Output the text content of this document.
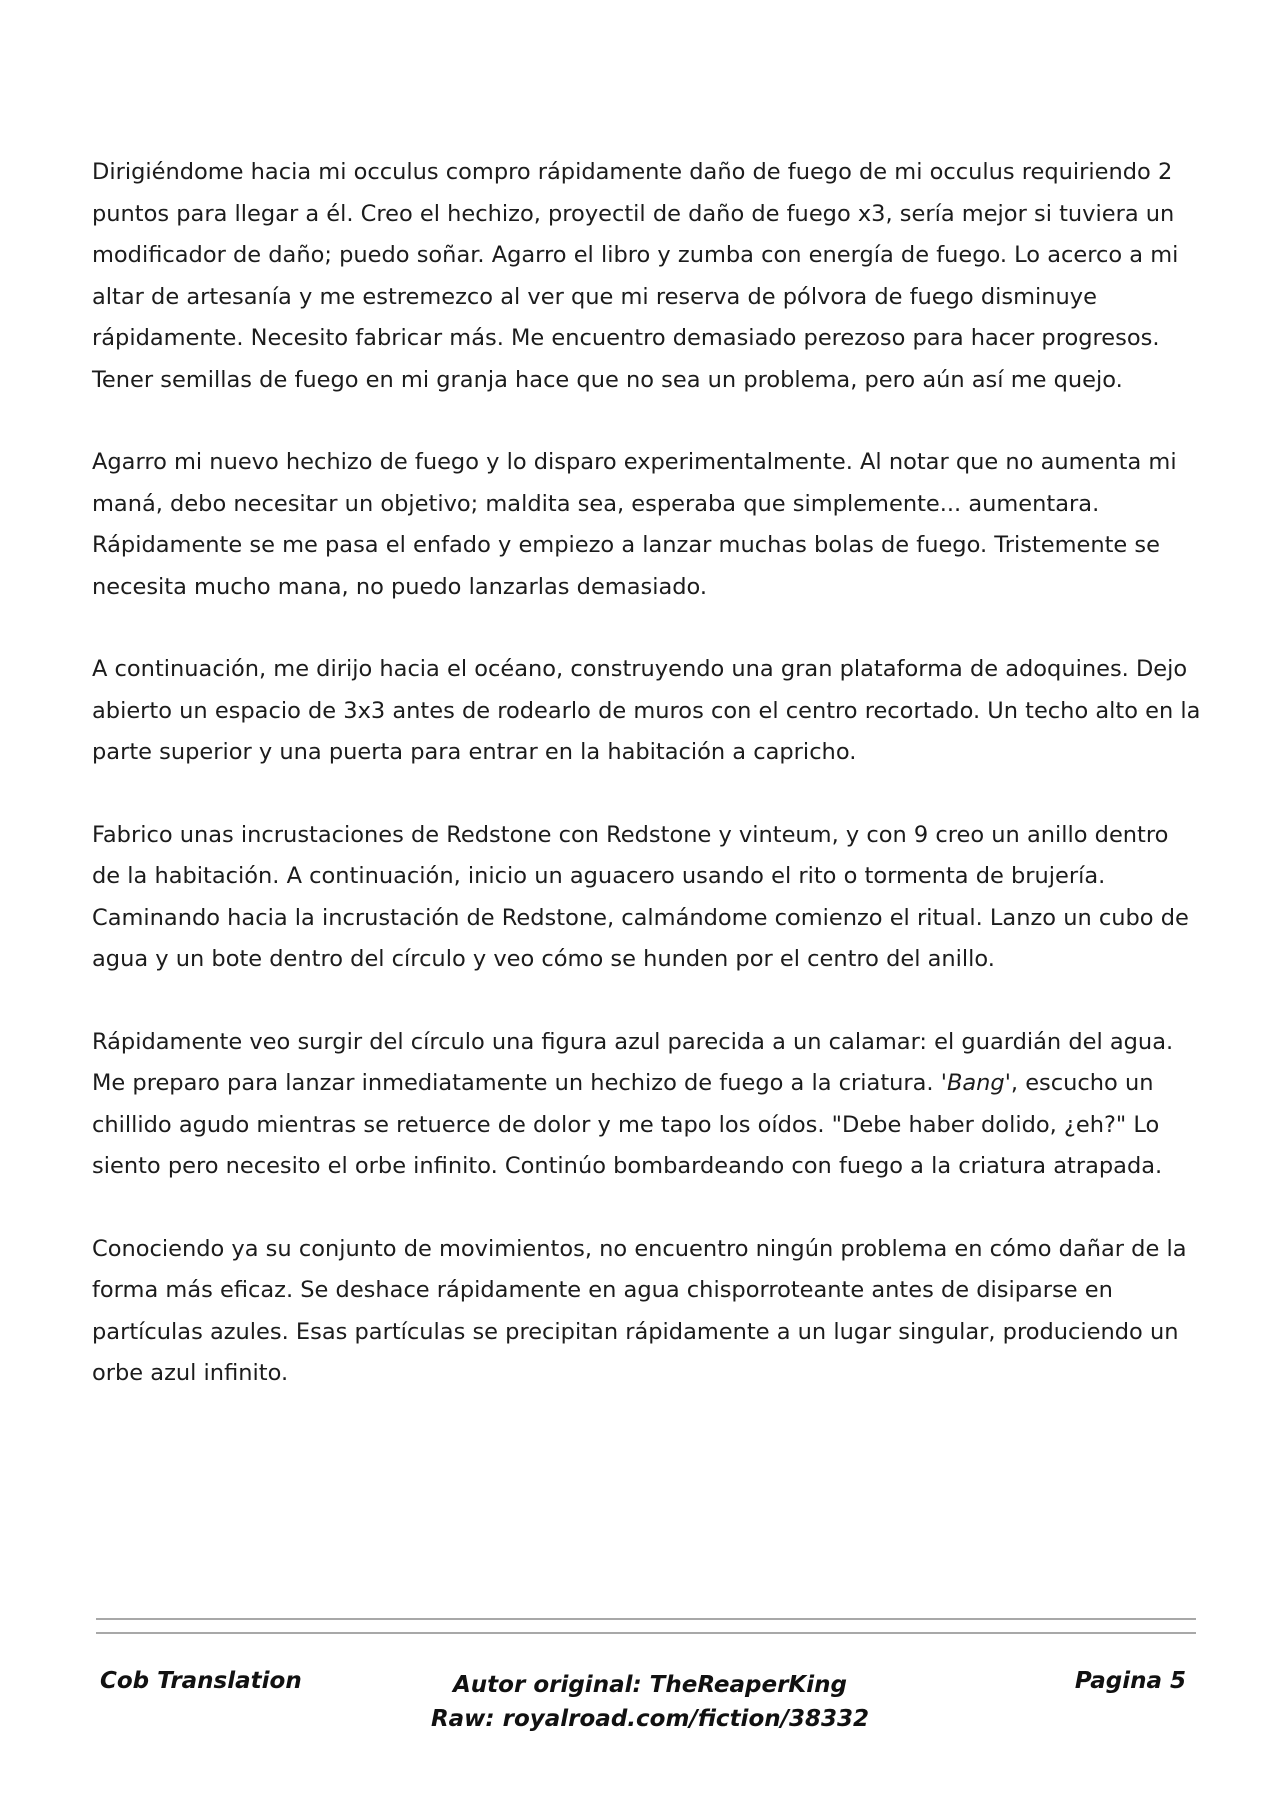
Dirigiéndome hacia mi occulus compro rápidamente daño de fuego de mi occulus requiriendo 2 puntos para llegar a él. Creo el hechizo, proyectil de daño de fuego x3, sería mejor si tuviera un modificador de daño; puedo soñar. Agarro el libro y zumba con energía de fuego. Lo acerco a mi altar de artesanía y me estremezco al ver que mi reserva de pólvora de fuego disminuye rápidamente. Necesito fabricar más. Me encuentro demasiado perezoso para hacer progresos. Tener semillas de fuego en mi granja hace que no sea un problema, pero aún así me quejo.

Agarro mi nuevo hechizo de fuego y lo disparo experimentalmente. Al notar que no aumenta mi maná, debo necesitar un objetivo; maldita sea, esperaba que simplemente... aumentara. Rápidamente se me pasa el enfado y empiezo a lanzar muchas bolas de fuego. Tristemente se necesita mucho mana, no puedo lanzarlas demasiado.

A continuación, me dirijo hacia el océano, construyendo una gran plataforma de adoquines. Dejo abierto un espacio de 3x3 antes de rodearlo de muros con el centro recortado. Un techo alto en la parte superior y una puerta para entrar en la habitación a capricho.

Fabrico unas incrustaciones de Redstone con Redstone y vinteum, y con 9 creo un anillo dentro de la habitación. A continuación, inicio un aguacero usando el rito o tormenta de brujería. Caminando hacia la incrustación de Redstone, calmándome comienzo el ritual. Lanzo un cubo de agua y un bote dentro del círculo y veo cómo se hunden por el centro del anillo.

Rápidamente veo surgir del círculo una figura azul parecida a un calamar: el guardián del agua. Me preparo para lanzar inmediatamente un hechizo de fuego a la criatura. 'Bang', escucho un chillido agudo mientras se retuerce de dolor y me tapo los oídos. "Debe haber dolido, ¿eh?" Lo siento pero necesito el orbe infinito. Continúo bombardeando con fuego a la criatura atrapada.

Conociendo ya su conjunto de movimientos, no encuentro ningún problema en cómo dañar de la forma más eficaz. Se deshace rápidamente en agua chisporroteante antes de disiparse en partículas azules. Esas partículas se precipitan rápidamente a un lugar singular, produciendo un orbe azul infinito.

Cob Translation	Autor original: TheReaperKing
Raw: royalroad.com/fiction/38332
Pagina 5
